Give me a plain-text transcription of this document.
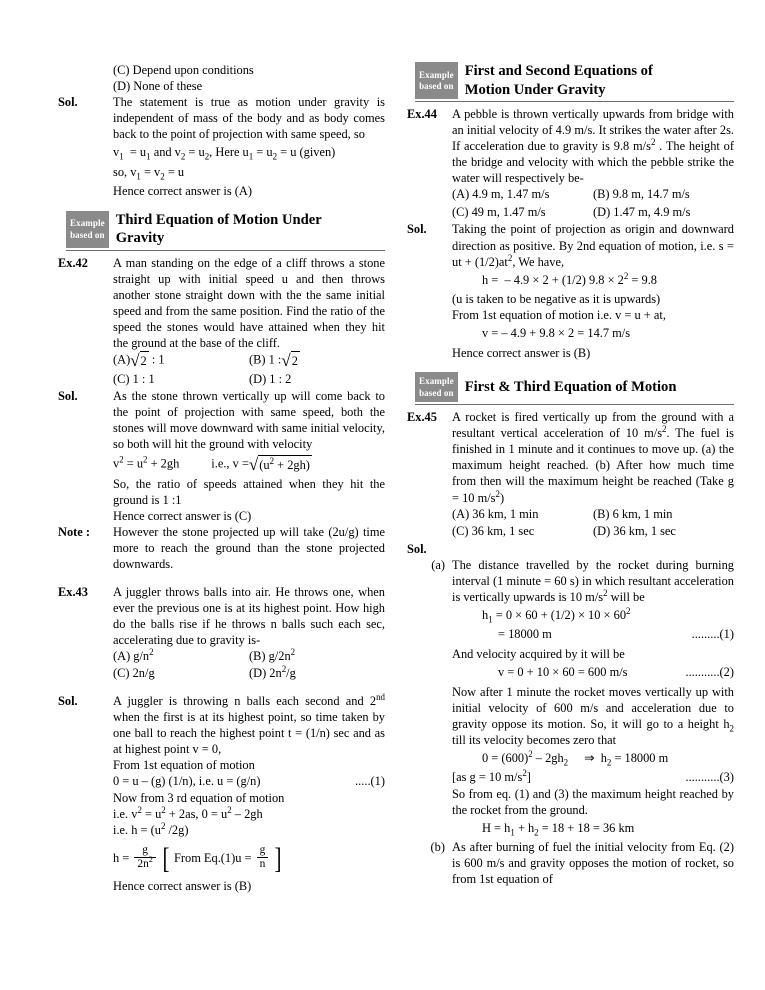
(C) Depend upon conditions
(D) None of these
Sol.	The statement is true as motion under gravity is independent of mass of the body and as body comes back to the point of projection with same speed, so
$v_1 = u_1$ and $v_2 = u_2$, Here $u_1 = u_2 = u$ (given)
so, $v_1 = v_2 = u$
Hence correct answer is (A)
Example
based on
Third Equation of Motion Under
Gravity
Ex.42	A man standing on the edge of a cliff throws a stone straight up with initial speed u and then throws another stone straight down with the the same initial speed and from the same position. Find the ratio of the speed the stones would have attained when they hit the ground at the base of the cliff.
(A) √ 2 : 1	(B) 1 : √ 2
(C) 1 : 1	(D) 1 : 2
Sol.	As the stone thrown vertically up will come back to the point of projection with same speed, both the stones will move downward with same initial velocity, so both will hit the ground with velocity
$v^2 = u^2 + 2gh$	i.e., v = √ $(u^2 + 2gh)$
So, the ratio of speeds attained when they hit the ground is 1 :1
Hence correct answer is (C)
Note :	However the stone projected up will take (2u/g) time more to reach the ground than the stone projected downwards.
Ex.43	A juggler throws balls into air. He throws one, when ever the previous one is at its highest point. How high do the balls rise if he throws n balls such each sec, accelerating due to gravity is-
(A) $g/n^2$	(B) $g/2n^2$
(C) 2n/g	(D) $2n^2/g$
Sol.	A juggler is throwing n balls each second and 2nd when the first is at its highest point, so time taken by one ball to reach the highest point t = (1/n) sec and as at highest point v = 0,
From 1st equation of motion
0 = u – (g) (1/n), i.e. u = (g/n)	.....(1)
Now from 3 rd equation of motion
i.e. $v^2 = u^2 + 2as$, $0 = u^2 - 2gh$
i.e. $h = (u^2$ /2g)
$h = \frac{g}{2n^2}$
[ From $Eq.(1)u = \frac{g}{n}$ ]
Hence correct answer is (B)
Example
based on
First and Second Equations of
Motion Under Gravity
Ex.44	A pebble is thrown vertically upwards from bridge with an initial velocity of 4.9 m/s. It strikes the water after 2s. If acceleration due to gravity is 9.8 $m/s^2$ . The height of the bridge and velocity with which the pebble strike the water will respectively be-
(A) 4.9 m, 1.47 m/s	(B) 9.8 m, 14.7 m/s
(C) 49 m, 1.47 m/s	(D) 1.47 m, 4.9 m/s
Sol.	Taking the point of projection as origin and downward direction as positive. By 2nd equation of motion, i.e. s = ut + $(1/2)at^2$, We have,
h =  – 4.9 × 2 + (1/2) $9.8 \times 2^2 = 9.8$
(u is taken to be negative as it is upwards)
From 1st equation of motion i.e. v = u + at,
v = – 4.9 + 9.8 × 2 = 14.7 m/s
Hence correct answer is (B)
Example
based on First & Third Equation of Motion
Ex.45	A rocket is fired vertically up from the ground with a resultant vertical acceleration of 10 $m/s^2$. The fuel is finished in 1 minute and it continues to move up. (a) the maximum height reached. (b) After how much time from then will the maximum height be reached (Take g = 10 $m/s^2$)
(A) 36 km, 1 min	(B) 6 km, 1 min
(C) 36 km, 1 sec	(D) 36 km, 1 sec
Sol.
(a) The distance travelled by the rocket during burning interval (1 minute = 60 s) in which resultant acceleration is vertically upwards is 10 $m/s^2$ will be
$h_1 = 0 \times 60 + (1/2) \times 10 \times 60^2$
= 18000 m	.........(1)
And velocity acquired by it will be
v = 0 + 10 × 60 = 600 m/s	...........(2)
Now after 1 minute the rocket moves vertically up with initial velocity of 600 m/s and acceleration due to gravity oppose its motion. So, it will go to a height $h_2$ till its velocity becomes zero that
$0 = (600)^2 - 2gh_2$ ⇒  $h_2 = 18000$ m
[as g = 10 $m/s^2$]	...........(3)
So from eq. (1) and (3) the maximum height reached by the rocket from the ground.
$H = h_1 + h_2 = 18 + 18 = 36$ km
(b) As after burning of fuel the initial velocity from Eq. (2) is 600 m/s and gravity opposes the motion of rocket, so from 1st equation of
